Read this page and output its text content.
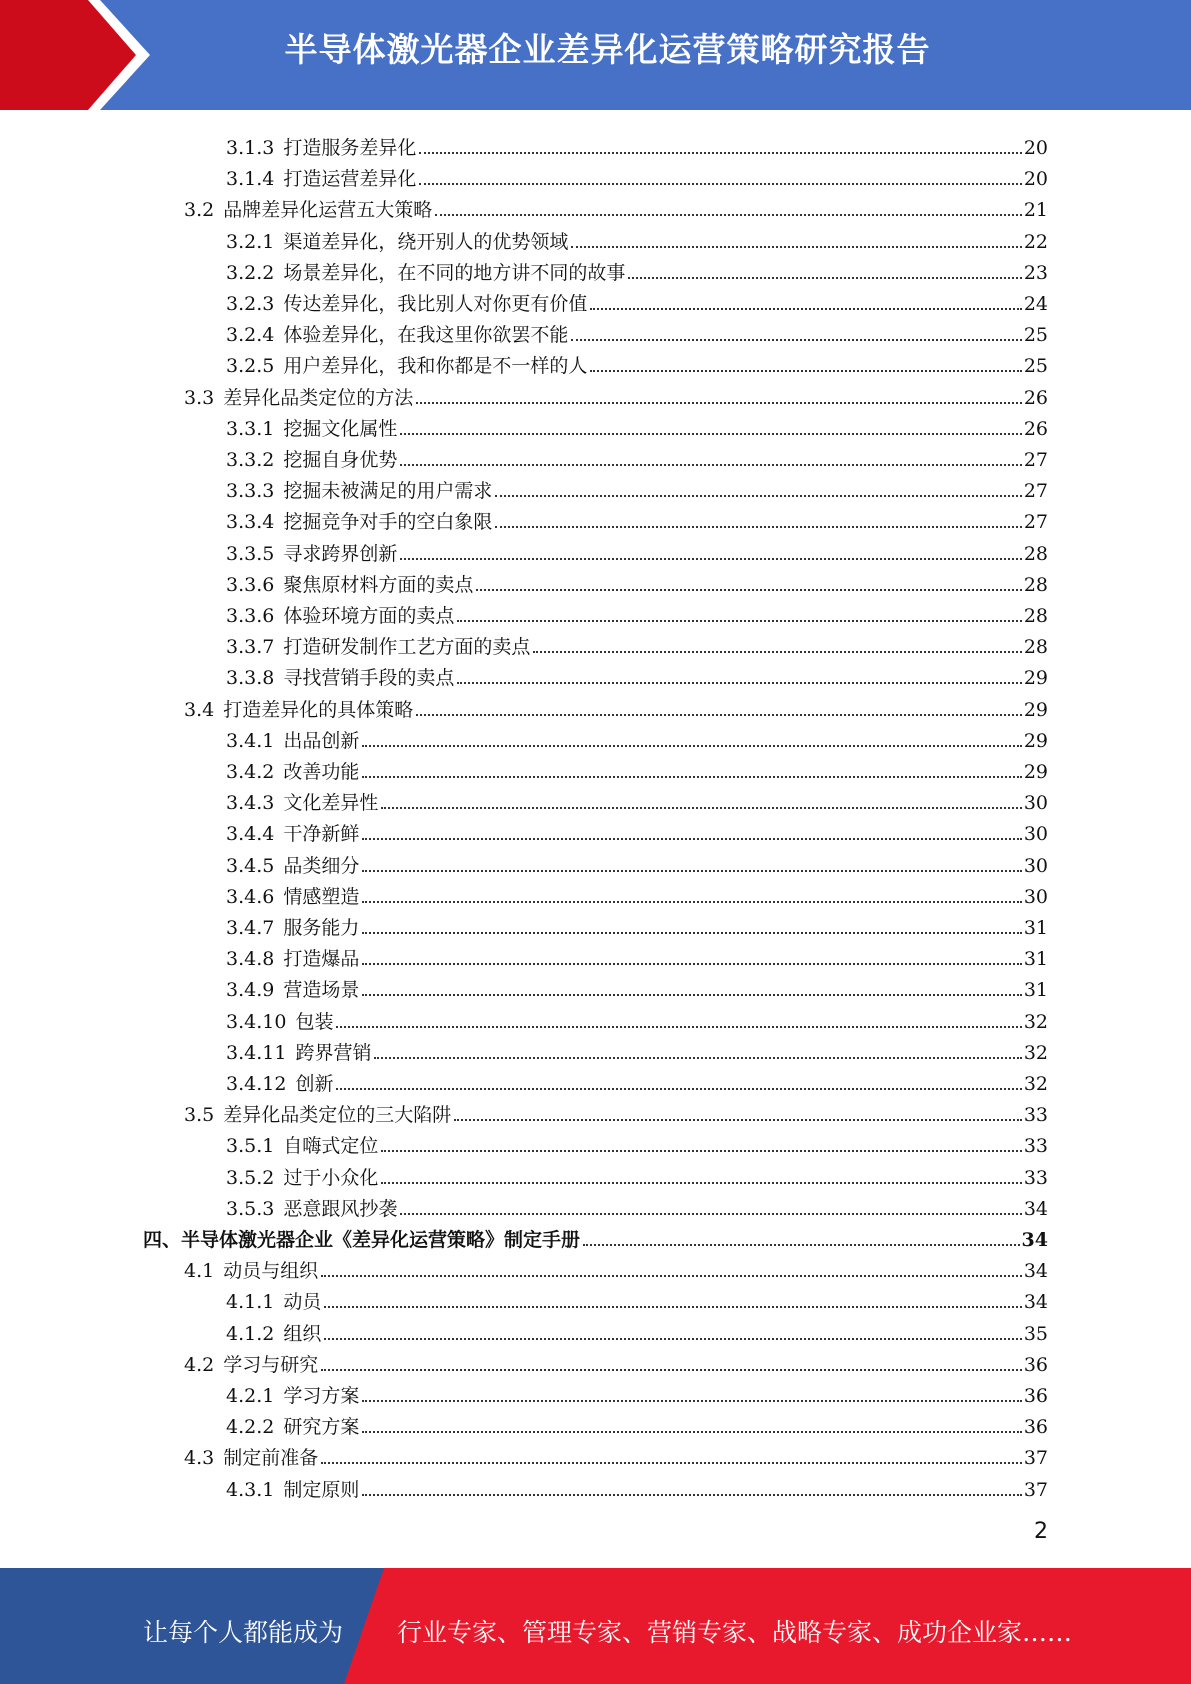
半导体激光器企业差异化运营策略研究报告
3.1.3 打造服务差异化	20
3.1.4 打造运营差异化	20
3.2 品牌差异化运营五大策略	21
3.2.1 渠道差异化，绕开别人的优势领域	22
3.2.2 场景差异化，在不同的地方讲不同的故事	23
3.2.3 传达差异化，我比别人对你更有价值	24
3.2.4 体验差异化，在我这里你欲罢不能	25
3.2.5 用户差异化，我和你都是不一样的人	25
3.3 差异化品类定位的方法	26
3.3.1 挖掘文化属性	26
3.3.2 挖掘自身优势	27
3.3.3 挖掘未被满足的用户需求	27
3.3.4 挖掘竞争对手的空白象限	27
3.3.5 寻求跨界创新	28
3.3.6 聚焦原材料方面的卖点	28
3.3.6 体验环境方面的卖点	28
3.3.7 打造研发制作工艺方面的卖点	28
3.3.8 寻找营销手段的卖点	29
3.4 打造差异化的具体策略	29
3.4.1 出品创新	29
3.4.2 改善功能	29
3.4.3 文化差异性	30
3.4.4 干净新鲜	30
3.4.5 品类细分	30
3.4.6 情感塑造	30
3.4.7 服务能力	31
3.4.8 打造爆品	31
3.4.9 营造场景	31
3.4.10 包装	32
3.4.11 跨界营销	32
3.4.12 创新	32
3.5 差异化品类定位的三大陷阱	33
3.5.1 自嗨式定位	33
3.5.2 过于小众化	33
3.5.3 恶意跟风抄袭	34
四、半导体激光器企业《差异化运营策略》制定手册	34
4.1 动员与组织	34
4.1.1 动员	34
4.1.2 组织	35
4.2 学习与研究	36
4.2.1 学习方案	36
4.2.2 研究方案	36
4.3 制定前准备	37
4.3.1 制定原则	37
2
让每个人都能成为 行业专家、管理专家、营销专家、战略专家、成功企业家……
